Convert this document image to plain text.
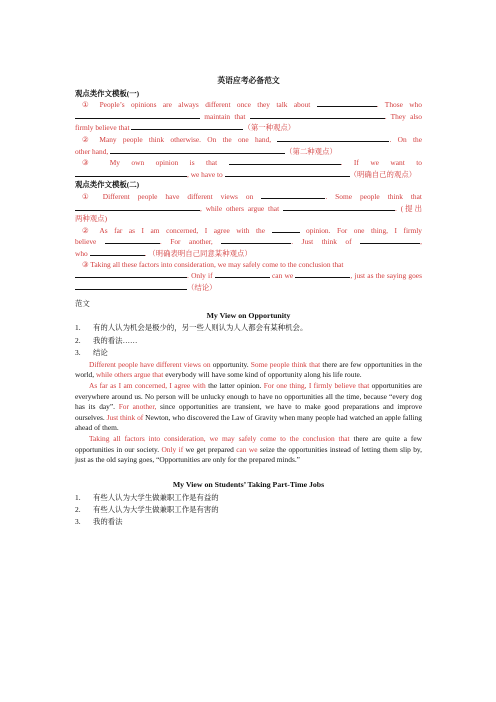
英语应考必备范文
观点类作文模板(一)

① People’s opinions are always different once they talk about	. Those who

maintain that	. They also

firmly believe that	（第一种观点）

② Many people think otherwise. On the one hand,	. On the

other hand,	（第二种观点）

③ My own opinion is that	. If we want to

, we have to	（明确自己的观点）

观点类作文模板(二)

① Different people have different views on	. Some people think that

, while others argue that	. (提出

两种观点)

② As far as I am concerned, I agree with the	opinion. For one thing, I firmly

believe	. For another,	. Just think of	,

who	. （明确表明自己同意某种观点）

③ Taking all these factors into consideration, we may safely come to the conclusion that

. Only if	can we	, just as the saying goes

（结论）

范文
My View on Opportunity
1. 有的人认为机会是极少的，另一些人则认为人人都会有某种机会。
2. 我的看法……
3. 结论

Different people have different views on opportunity. Some people think that there are few opportunities in the world, while others argue that everybody will have some kind of opportunity along his life route.

As far as I am concerned, I agree with the latter opinion. For one thing, I firmly believe that opportunities are everywhere around us. No person will be unlucky enough to have no opportunities all the time, because “every dog has its day”. For another, since opportunities are transient, we have to make good preparations and improve ourselves. Just think of Newton, who discovered the Law of Gravity when many people had watched an apple falling ahead of them.

Taking all factors into consideration, we may safely come to the conclusion that there are quite a few opportunities in our society. Only if we get prepared can we seize the opportunities instead of letting them slip by, just as the old saying goes, “Opportunities are only for the prepared minds.”

My View on Students’ Taking Part-Time Jobs
1. 有些人认为大学生做兼职工作是有益的
2. 有些人认为大学生做兼职工作是有害的
3. 我的看法
